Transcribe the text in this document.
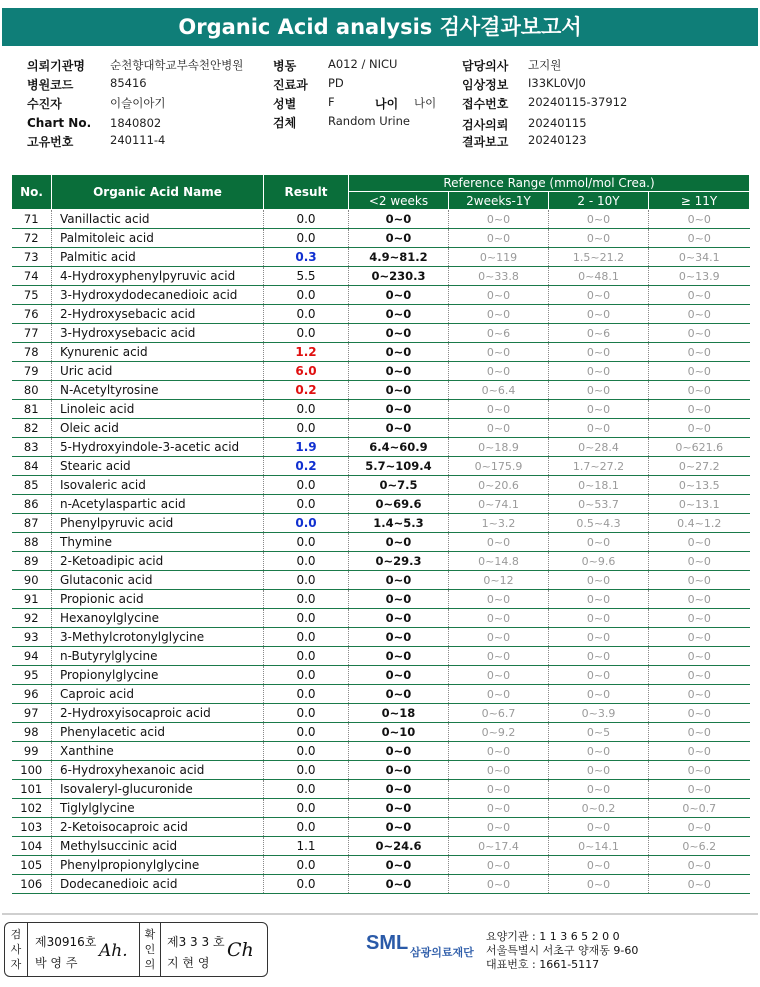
Organic Acid analysis 검사결과보고서
의뢰기관명 순천향대학교부속천안병원
병원코드	85416
수진자	이슬이아기
Chart No. 1840802
고유번호	240111-4
병동	A012 / NICU
진료과 PD
성별	F	나이 나이
검체	Random Urine
담당의사 고지원
임상정보 I33KL0VJ0
접수번호 20240115-37912
검사의뢰 20240115
결과보고 20240123
No.	Organic Acid Name	Result	Reference Range (mmol/mol Crea.)			
			<2 weeks	2weeks-1Y	2 - 10Y	≥ 11Y
71	Vanillactic acid	0.0	0~0	0~0	0~0	0~0
72	Palmitoleic acid	0.0	0~0	0~0	0~0	0~0
73	Palmitic acid	0.3	4.9~81.2	0~119	1.5~21.2	0~34.1
74	4-Hydroxyphenylpyruvic acid	5.5	0~230.3	0~33.8	0~48.1	0~13.9
75	3-Hydroxydodecanedioic acid	0.0	0~0	0~0	0~0	0~0
76	2-Hydroxysebacic acid	0.0	0~0	0~0	0~0	0~0
77	3-Hydroxysebacic acid	0.0	0~0	0~6	0~6	0~0
78	Kynurenic acid	1.2	0~0	0~0	0~0	0~0
79	Uric acid	6.0	0~0	0~0	0~0	0~0
80	N-Acetyltyrosine	0.2	0~0	0~6.4	0~0	0~0
81	Linoleic acid	0.0	0~0	0~0	0~0	0~0
82	Oleic acid	0.0	0~0	0~0	0~0	0~0
83	5-Hydroxyindole-3-acetic acid	1.9	6.4~60.9	0~18.9	0~28.4	0~621.6
84	Stearic acid	0.2	5.7~109.4	0~175.9	1.7~27.2	0~27.2
85	Isovaleric acid	0.0	0~7.5	0~20.6	0~18.1	0~13.5
86	n-Acetylaspartic acid	0.0	0~69.6	0~74.1	0~53.7	0~13.1
87	Phenylpyruvic acid	0.0	1.4~5.3	1~3.2	0.5~4.3	0.4~1.2
88	Thymine	0.0	0~0	0~0	0~0	0~0
89	2-Ketoadipic acid	0.0	0~29.3	0~14.8	0~9.6	0~0
90	Glutaconic acid	0.0	0~0	0~12	0~0	0~0
91	Propionic acid	0.0	0~0	0~0	0~0	0~0
92	Hexanoylglycine	0.0	0~0	0~0	0~0	0~0
93	3-Methylcrotonylglycine	0.0	0~0	0~0	0~0	0~0
94	n-Butyrylglycine	0.0	0~0	0~0	0~0	0~0
95	Propionylglycine	0.0	0~0	0~0	0~0	0~0
96	Caproic acid	0.0	0~0	0~0	0~0	0~0
97	2-Hydroxyisocaproic acid	0.0	0~18	0~6.7	0~3.9	0~0
98	Phenylacetic acid	0.0	0~10	0~9.2	0~5	0~0
99	Xanthine	0.0	0~0	0~0	0~0	0~0
100	6-Hydroxyhexanoic acid	0.0	0~0	0~0	0~0	0~0
101	Isovaleryl-glucuronide	0.0	0~0	0~0	0~0	0~0
102	Tiglylglycine	0.0	0~0	0~0	0~0.2	0~0.7
103	2-Ketoisocaproic acid	0.0	0~0	0~0	0~0	0~0
104	Methylsuccinic acid	1.1	0~24.6	0~17.4	0~14.1	0~6.2
105	Phenylpropionylglycine	0.0	0~0	0~0	0~0	0~0
106	Dodecanedioic acid	0.0	0~0	0~0	0~0	0~0
검사자
제30916호
박 영 주
Ah.
확인의
제3 3 3 호
지 현 영
Ch	SML 삼광의료재단
요양기관 : 1 1 3 6 5 2 0 0
서울특별시 서초구 양재동 9-60
대표번호 : 1661-5117
